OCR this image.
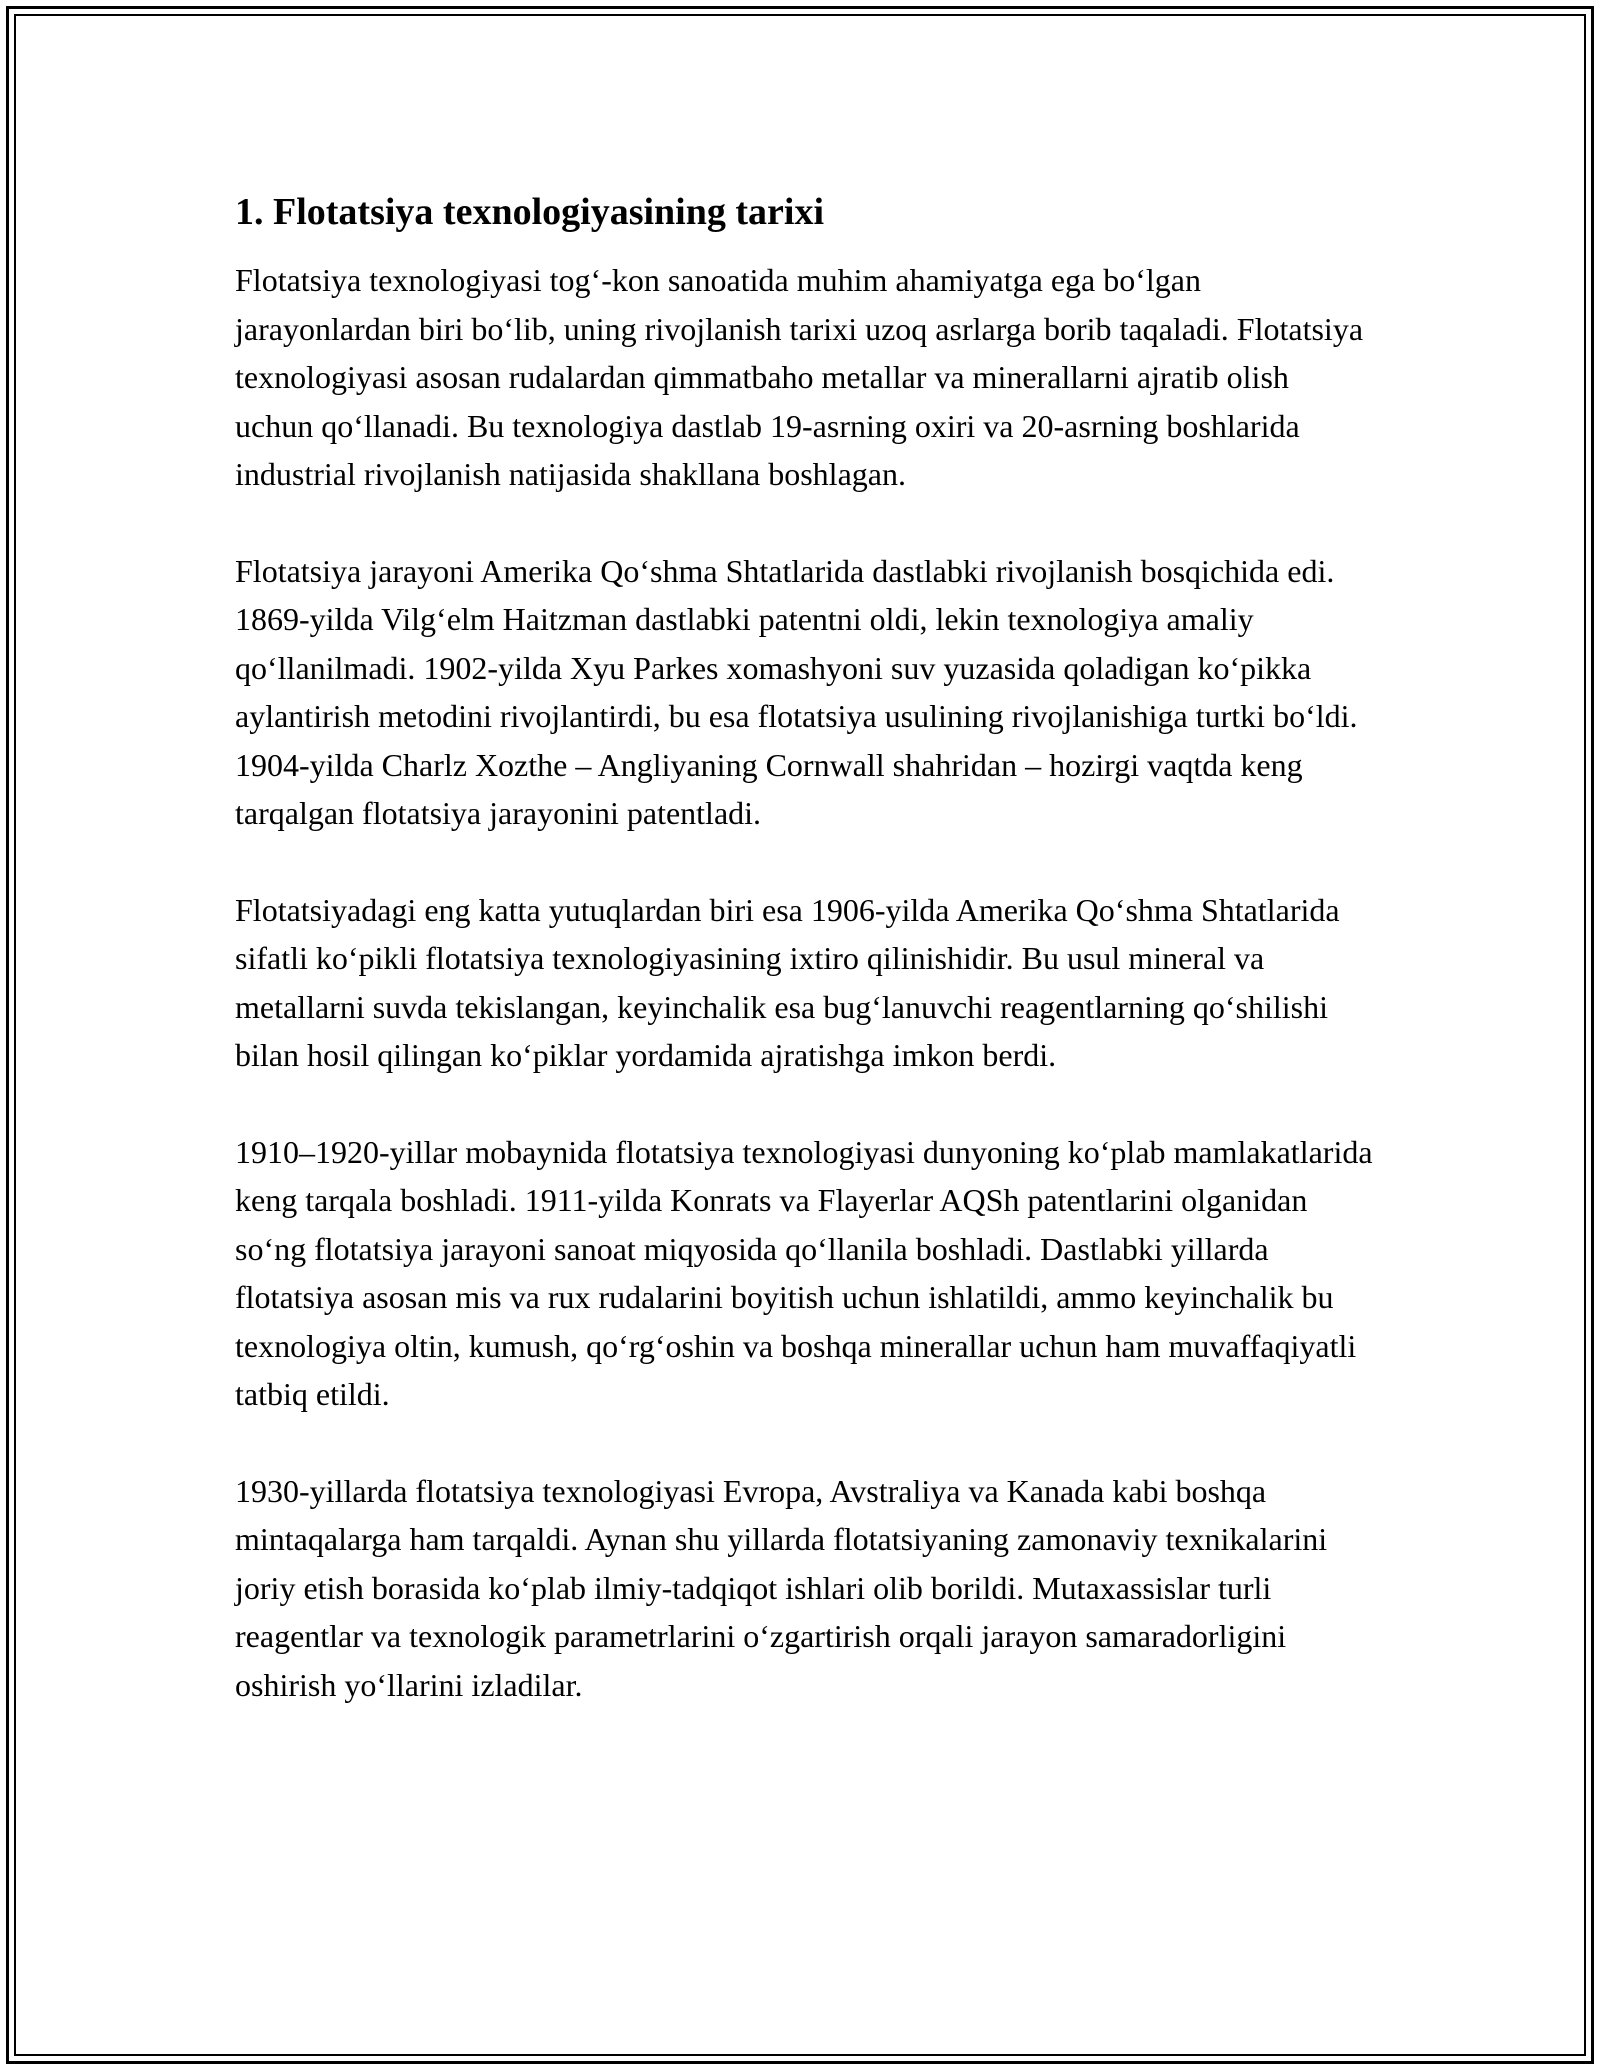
1. Flotatsiya texnologiyasining tarixi

Flotatsiya texnologiyasi tog‘-kon sanoatida muhim ahamiyatga ega bo‘lgan jarayonlardan biri bo‘lib, uning rivojlanish tarixi uzoq asrlarga borib taqaladi. Flotatsiya texnologiyasi asosan rudalardan qimmatbaho metallar va minerallarni ajratib olish uchun qo‘llanadi. Bu texnologiya dastlab 19-asrning oxiri va 20-asrning boshlarida industrial rivojlanish natijasida shakllana boshlagan.

Flotatsiya jarayoni Amerika Qo‘shma Shtatlarida dastlabki rivojlanish bosqichida edi. 1869-yilda Vilg‘elm Haitzman dastlabki patentni oldi, lekin texnologiya amaliy qo‘llanilmadi. 1902-yilda Xyu Parkes xomashyoni suv yuzasida qoladigan ko‘pikka aylantirish metodini rivojlantirdi, bu esa flotatsiya usulining rivojlanishiga turtki bo‘ldi. 1904-yilda Charlz Xozthe – Angliyaning Cornwall shahridan – hozirgi vaqtda keng tarqalgan flotatsiya jarayonini patentladi.

Flotatsiyadagi eng katta yutuqlardan biri esa 1906-yilda Amerika Qo‘shma Shtatlarida sifatli ko‘pikli flotatsiya texnologiyasining ixtiro qilinishidir. Bu usul mineral va metallarni suvda tekislangan, keyinchalik esa bug‘lanuvchi reagentlarning qo‘shilishi bilan hosil qilingan ko‘piklar yordamida ajratishga imkon berdi.

1910–1920-yillar mobaynida flotatsiya texnologiyasi dunyoning ko‘plab mamlakatlarida keng tarqala boshladi. 1911-yilda Konrats va Flayerlar AQSh patentlarini olganidan so‘ng flotatsiya jarayoni sanoat miqyosida qo‘llanila boshladi. Dastlabki yillarda flotatsiya asosan mis va rux rudalarini boyitish uchun ishlatildi, ammo keyinchalik bu texnologiya oltin, kumush, qo‘rg‘oshin va boshqa minerallar uchun ham muvaffaqiyatli tatbiq etildi.

1930-yillarda flotatsiya texnologiyasi Evropa, Avstraliya va Kanada kabi boshqa mintaqalarga ham tarqaldi. Aynan shu yillarda flotatsiyaning zamonaviy texnikalarini joriy etish borasida ko‘plab ilmiy-tadqiqot ishlari olib borildi. Mutaxassislar turli reagentlar va texnologik parametrlarini o‘zgartirish orqali jarayon samaradorligini oshirish yo‘llarini izladilar.
